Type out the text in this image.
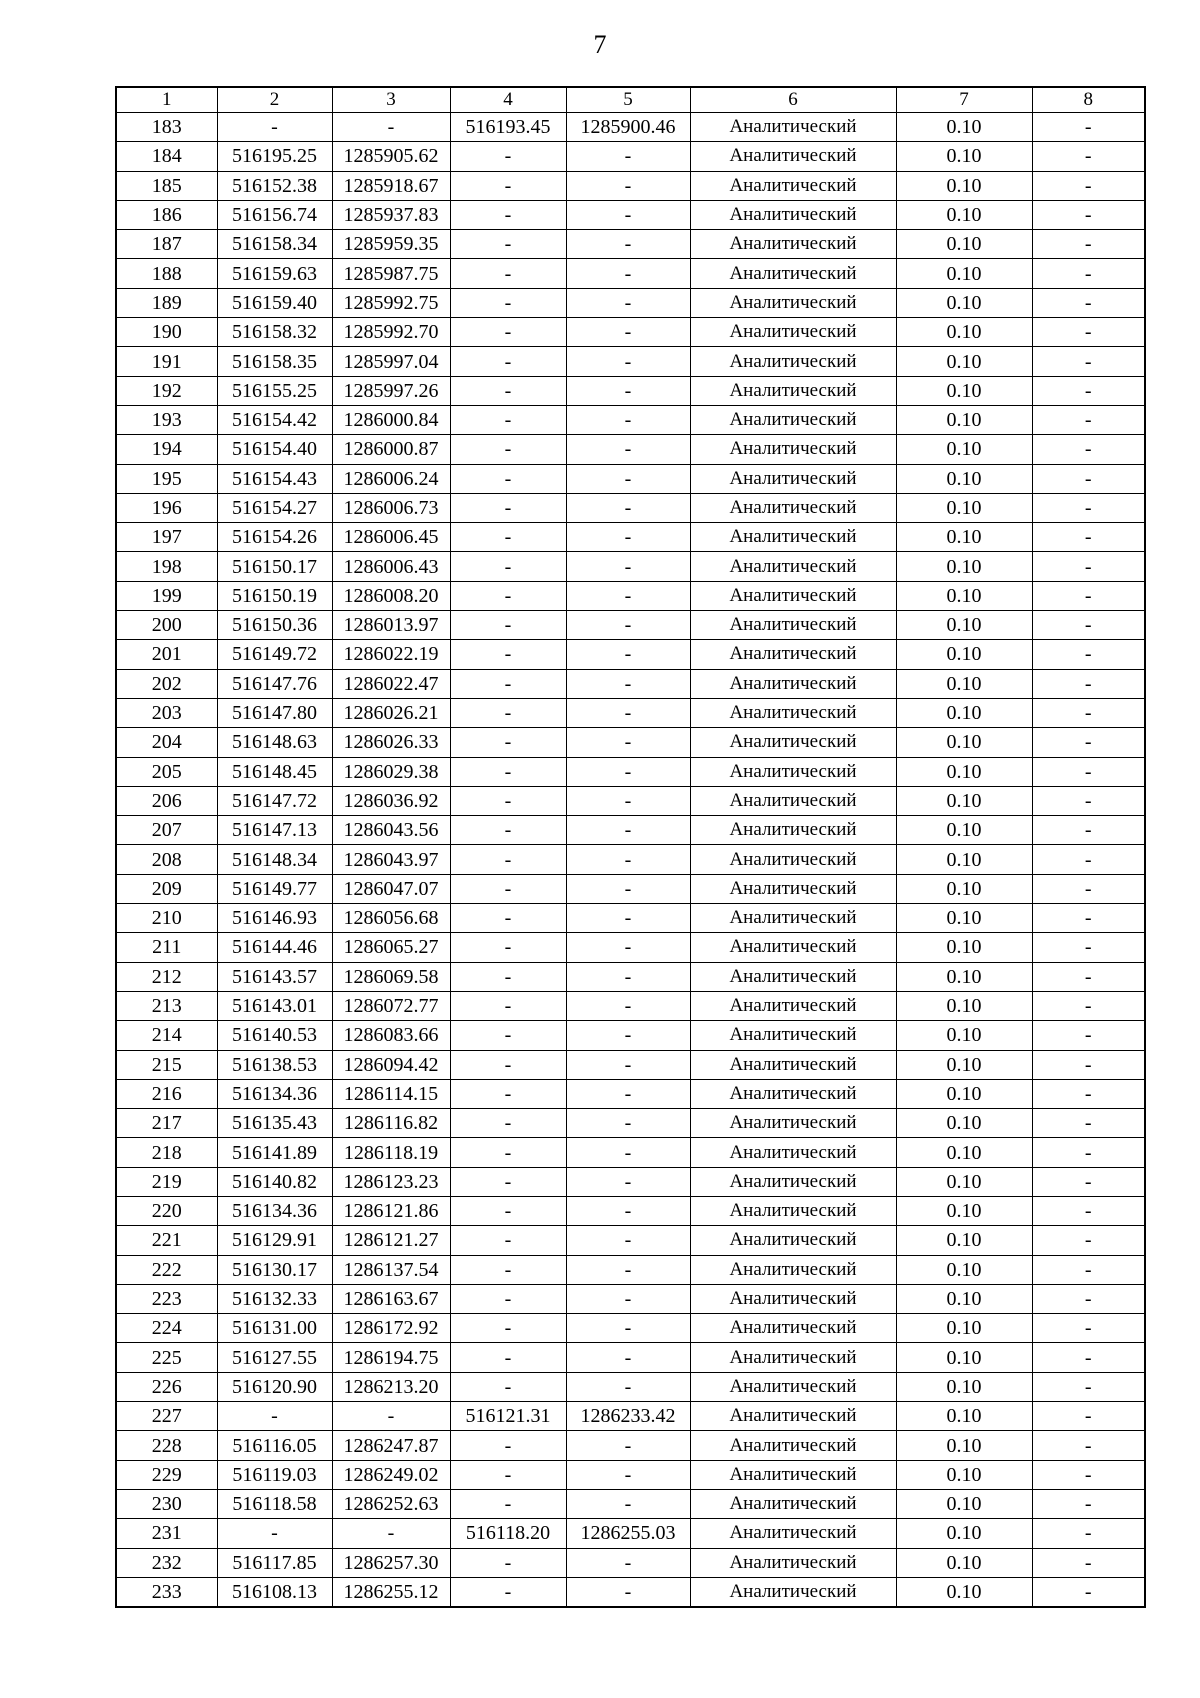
7
1	2	3	4	5	6	7	8
183	-	-	516193.45	1285900.46	Аналитический	0.10	-
184	516195.25	1285905.62	-	-	Аналитический	0.10	-
185	516152.38	1285918.67	-	-	Аналитический	0.10	-
186	516156.74	1285937.83	-	-	Аналитический	0.10	-
187	516158.34	1285959.35	-	-	Аналитический	0.10	-
188	516159.63	1285987.75	-	-	Аналитический	0.10	-
189	516159.40	1285992.75	-	-	Аналитический	0.10	-
190	516158.32	1285992.70	-	-	Аналитический	0.10	-
191	516158.35	1285997.04	-	-	Аналитический	0.10	-
192	516155.25	1285997.26	-	-	Аналитический	0.10	-
193	516154.42	1286000.84	-	-	Аналитический	0.10	-
194	516154.40	1286000.87	-	-	Аналитический	0.10	-
195	516154.43	1286006.24	-	-	Аналитический	0.10	-
196	516154.27	1286006.73	-	-	Аналитический	0.10	-
197	516154.26	1286006.45	-	-	Аналитический	0.10	-
198	516150.17	1286006.43	-	-	Аналитический	0.10	-
199	516150.19	1286008.20	-	-	Аналитический	0.10	-
200	516150.36	1286013.97	-	-	Аналитический	0.10	-
201	516149.72	1286022.19	-	-	Аналитический	0.10	-
202	516147.76	1286022.47	-	-	Аналитический	0.10	-
203	516147.80	1286026.21	-	-	Аналитический	0.10	-
204	516148.63	1286026.33	-	-	Аналитический	0.10	-
205	516148.45	1286029.38	-	-	Аналитический	0.10	-
206	516147.72	1286036.92	-	-	Аналитический	0.10	-
207	516147.13	1286043.56	-	-	Аналитический	0.10	-
208	516148.34	1286043.97	-	-	Аналитический	0.10	-
209	516149.77	1286047.07	-	-	Аналитический	0.10	-
210	516146.93	1286056.68	-	-	Аналитический	0.10	-
211	516144.46	1286065.27	-	-	Аналитический	0.10	-
212	516143.57	1286069.58	-	-	Аналитический	0.10	-
213	516143.01	1286072.77	-	-	Аналитический	0.10	-
214	516140.53	1286083.66	-	-	Аналитический	0.10	-
215	516138.53	1286094.42	-	-	Аналитический	0.10	-
216	516134.36	1286114.15	-	-	Аналитический	0.10	-
217	516135.43	1286116.82	-	-	Аналитический	0.10	-
218	516141.89	1286118.19	-	-	Аналитический	0.10	-
219	516140.82	1286123.23	-	-	Аналитический	0.10	-
220	516134.36	1286121.86	-	-	Аналитический	0.10	-
221	516129.91	1286121.27	-	-	Аналитический	0.10	-
222	516130.17	1286137.54	-	-	Аналитический	0.10	-
223	516132.33	1286163.67	-	-	Аналитический	0.10	-
224	516131.00	1286172.92	-	-	Аналитический	0.10	-
225	516127.55	1286194.75	-	-	Аналитический	0.10	-
226	516120.90	1286213.20	-	-	Аналитический	0.10	-
227	-	-	516121.31	1286233.42	Аналитический	0.10	-
228	516116.05	1286247.87	-	-	Аналитический	0.10	-
229	516119.03	1286249.02	-	-	Аналитический	0.10	-
230	516118.58	1286252.63	-	-	Аналитический	0.10	-
231	-	-	516118.20	1286255.03	Аналитический	0.10	-
232	516117.85	1286257.30	-	-	Аналитический	0.10	-
233	516108.13	1286255.12	-	-	Аналитический	0.10	-
